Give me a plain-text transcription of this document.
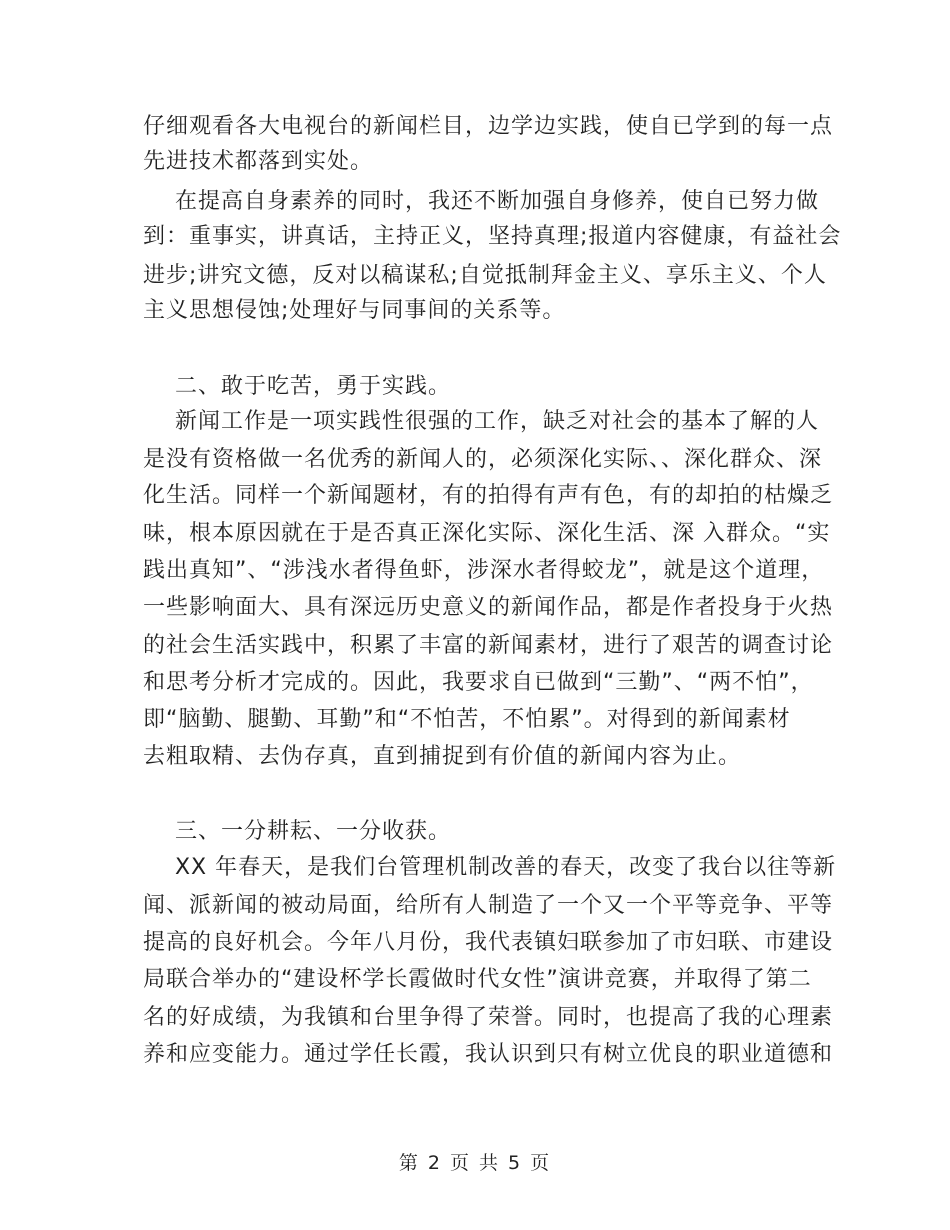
仔细观看各大电视台的新闻栏目，边学边实践，使自已学到的每一点
先进技术都落到实处。
在提高自身素养的同时，我还不断加强自身修养，使自已努力做
到：重事实，讲真话，主持正义，坚持真理;报道内容健康，有益社会
进步;讲究文德，反对以稿谋私;自觉抵制拜金主义、享乐主义、个人
主义思想侵蚀;处理好与同事间的关系等。
二、敢于吃苦，勇于实践。
新闻工作是一项实践性很强的工作，缺乏对社会的基本了解的人
是没有资格做一名优秀的新闻人的，必须深化实际、、深化群众、深
化生活。同样一个新闻题材，有的拍得有声有色，有的却拍的枯燥乏
味，根本原因就在于是否真正深化实际、深化生活、深 入群众。“实
践出真知”、“涉浅水者得鱼虾，涉深水者得蛟龙”，就是这个道理，
一些影响面大、具有深远历史意义的新闻作品，都是作者投身于火热
的社会生活实践中，积累了丰富的新闻素材，进行了艰苦的调查讨论
和思考分析才完成的。因此，我要求自已做到“三勤”、“两不怕”，
即“脑勤、腿勤、耳勤”和“不怕苦，不怕累”。对得到的新闻素材
去粗取精、去伪存真，直到捕捉到有价值的新闻内容为止。
三、一分耕耘、一分收获。
XX 年春天，是我们台管理机制改善的春天，改变了我台以往等新
闻、派新闻的被动局面，给所有人制造了一个又一个平等竞争、平等
提高的良好机会。今年八月份，我代表镇妇联参加了市妇联、市建设
局联合举办的“建设杯学长霞做时代女性”演讲竞赛，并取得了第二
名的好成绩，为我镇和台里争得了荣誉。同时，也提高了我的心理素
养和应变能力。通过学任长霞，我认识到只有树立优良的职业道德和
第 2 页 共 5 页
